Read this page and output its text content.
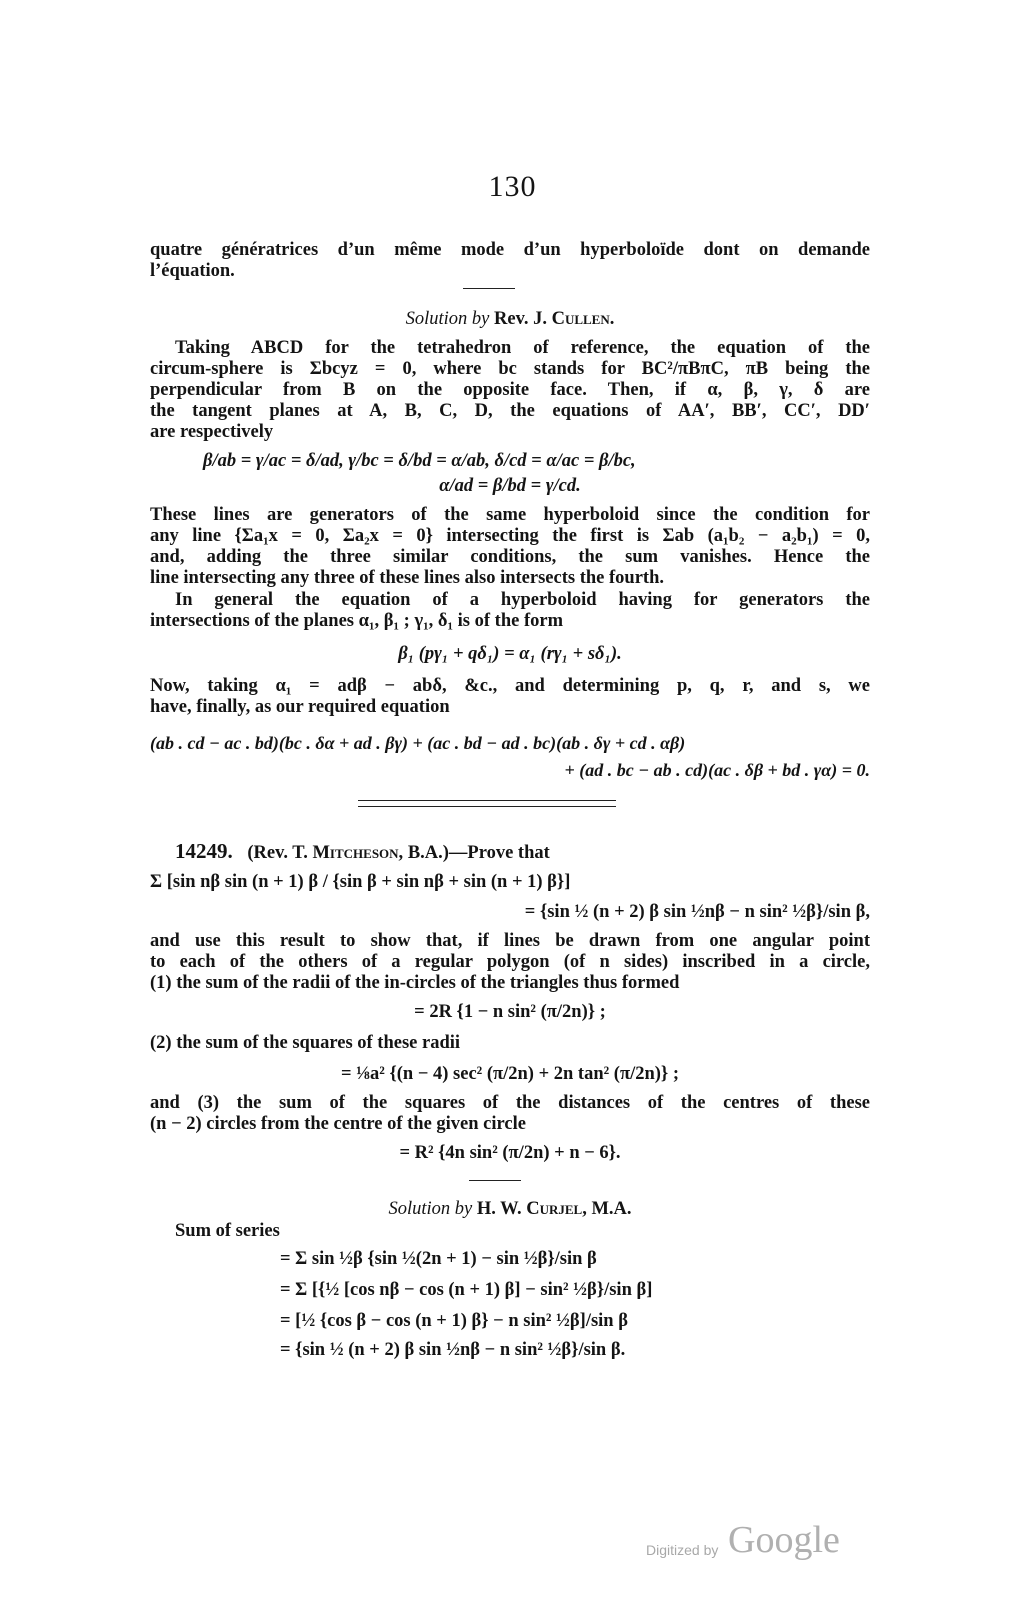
130
quatre génératrices d’un même mode d’un hyperboloïde dont on demande
l’équation.
Solution by Rev. J. Cullen.
Taking ABCD for the tetrahedron of reference, the equation of the
circum-sphere is Σbcyz = 0, where bc stands for BC²/πBπC, πB being the
perpendicular from B on the opposite face. Then, if α, β, γ, δ are
the tangent planes at A, B, C, D, the equations of AA′, BB′, CC′, DD′
are respectively
β/ab = γ/ac = δ/ad, γ/bc = δ/bd = α/ab, δ/cd = α/ac = β/bc,
α/ad = β/bd = γ/cd.
These lines are generators of the same hyperboloid since the condition for
any line {Σa₁x = 0, Σa₂x = 0} intersecting the first is Σab (a₁b₂ − a₂b₁) = 0,
and, adding the three similar conditions, the sum vanishes. Hence the
line intersecting any three of these lines also intersects the fourth.
In general the equation of a hyperboloid having for generators the
intersections of the planes α₁, β₁ ; γ₁, δ₁ is of the form
β₁ (pγ₁ + qδ₁) = α₁ (rγ₁ + sδ₁).
Now, taking α₁ = adβ − abδ, &c., and determining p, q, r, and s, we
have, finally, as our required equation
(ab . cd − ac . bd)(bc . δα + ad . βγ) + (ac . bd − ad . bc)(ab . δγ + cd . αβ)
+ (ad . bc − ab . cd)(ac . δβ + bd . γα) = 0.
14249. (Rev. T. Mitcheson, B.A.)—Prove that
Σ [sin nβ sin (n + 1) β / {sin β + sin nβ + sin (n + 1) β}]
= {sin ½ (n + 2) β sin ½nβ − n sin² ½β}/sin β,
and use this result to show that, if lines be drawn from one angular point
to each of the others of a regular polygon (of n sides) inscribed in a circle,
(1) the sum of the radii of the in-circles of the triangles thus formed
= 2R {1 − n sin² (π/2n)} ;
(2) the sum of the squares of these radii
= ⅛a² {(n − 4) sec² (π/2n) + 2n tan² (π/2n)} ;
and (3) the sum of the squares of the distances of the centres of these
(n − 2) circles from the centre of the given circle
= R² {4n sin² (π/2n) + n − 6}.
Solution by H. W. Curjel, M.A.
Sum of series
= Σ sin ½β {sin ½(2n + 1) − sin ½β}/sin β
= Σ [{½ [cos nβ − cos (n + 1) β] − sin² ½β}/sin β]
= [½ {cos β − cos (n + 1) β} − n sin² ½β]/sin β
= {sin ½ (n + 2) β sin ½nβ − n sin² ½β}/sin β.
Digitized by Google
